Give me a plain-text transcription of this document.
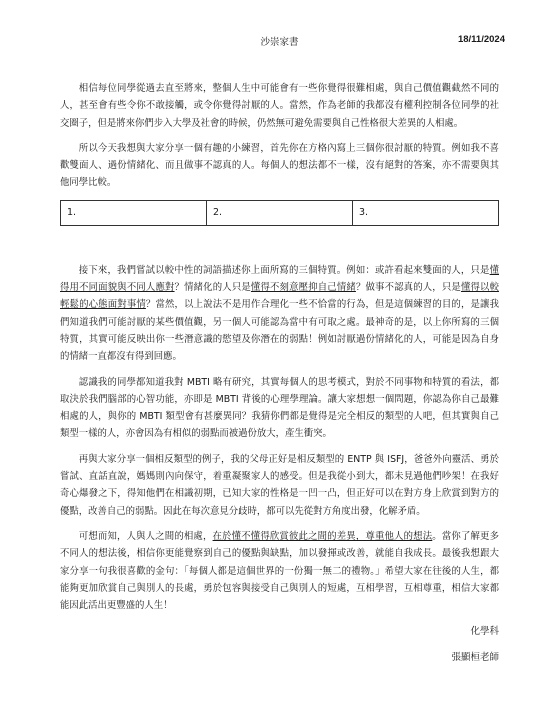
沙崇家書	18/11/2024

相信每位同學從過去直至將來，整個人生中可能會有一些你覺得很難相處，與自己價值觀截然不同的人，甚至會有些令你不敢接觸，或令你覺得討厭的人。當然，作為老師的我都沒有權利控制各位同學的社交圈子，但是將來你們步入大學及社會的時候，仍然無可避免需要與自己性格很大差異的人相處。

所以今天我想與大家分享一個有趣的小練習，首先你在方格內寫上三個你很討厭的特質。例如我不喜歡雙面人、過份情緒化、而且做事不認真的人。每個人的想法都不一樣，沒有絕對的答案，亦不需要與其他同學比較。

1.	2.	3.

接下來，我們嘗試以較中性的詞語描述你上面所寫的三個特質。例如：或許看起來雙面的人，只是懂得用不同面貌與不同人應對？情緒化的人只是懂得不刻意壓抑自己情緒？做事不認真的人，只是懂得以較輕鬆的心態面對事情？當然，以上說法不是用作合理化一些不恰當的行為，但是這個練習的目的，是讓我們知道我們可能討厭的某些價值觀，另一個人可能認為當中有可取之處。最神奇的是，以上你所寫的三個特質，其實可能反映出你一些潛意識的慾望及你潛在的弱點！例如討厭過份情緒化的人，可能是因為自身的情緒一直都沒有得到回應。

認識我的同學都知道我對 MBTI 略有研究，其實每個人的思考模式，對於不同事物和特質的看法，都取決於我們腦部的心智功能，亦即是 MBTI 背後的心理學理論。讓大家想想一個問題，你認為你自己最難相處的人，與你的 MBTI 類型會有甚麼異同？我猜你們都是覺得是完全相反的類型的人吧，但其實與自己類型一樣的人，亦會因為有相似的弱點而被過份放大，產生衝突。

再與大家分享一個相反類型的例子，我的父母正好是相反類型的 ENTP 與 ISFJ，爸爸外向靈活、勇於嘗試、直話直說，媽媽則內向保守，着重凝聚家人的感受。但是我從小到大，都未見過他們吵架！在我好奇心爆發之下，得知他們在相識初期，已知大家的性格是一凹一凸，但正好可以在對方身上欣賞到對方的優點，改善自己的弱點。因此在每次意見分歧時，都可以先從對方角度出發，化解矛盾。

可想而知，人與人之間的相處，在於懂不懂得欣賞彼此之間的差異，尊重他人的想法。當你了解更多不同人的想法後，相信你更能覺察到自己的優點與缺點，加以發揮或改善，就能自我成長。最後我想跟大家分享一句我很喜歡的金句：「每個人都是這個世界的一份獨一無二的禮物。」希望大家在往後的人生，都能夠更加欣賞自己與別人的長處，勇於包容與接受自己與別人的短處，互相學習，互相尊重，相信大家都能因此活出更豐盛的人生！

化學科
張顯桓老師
